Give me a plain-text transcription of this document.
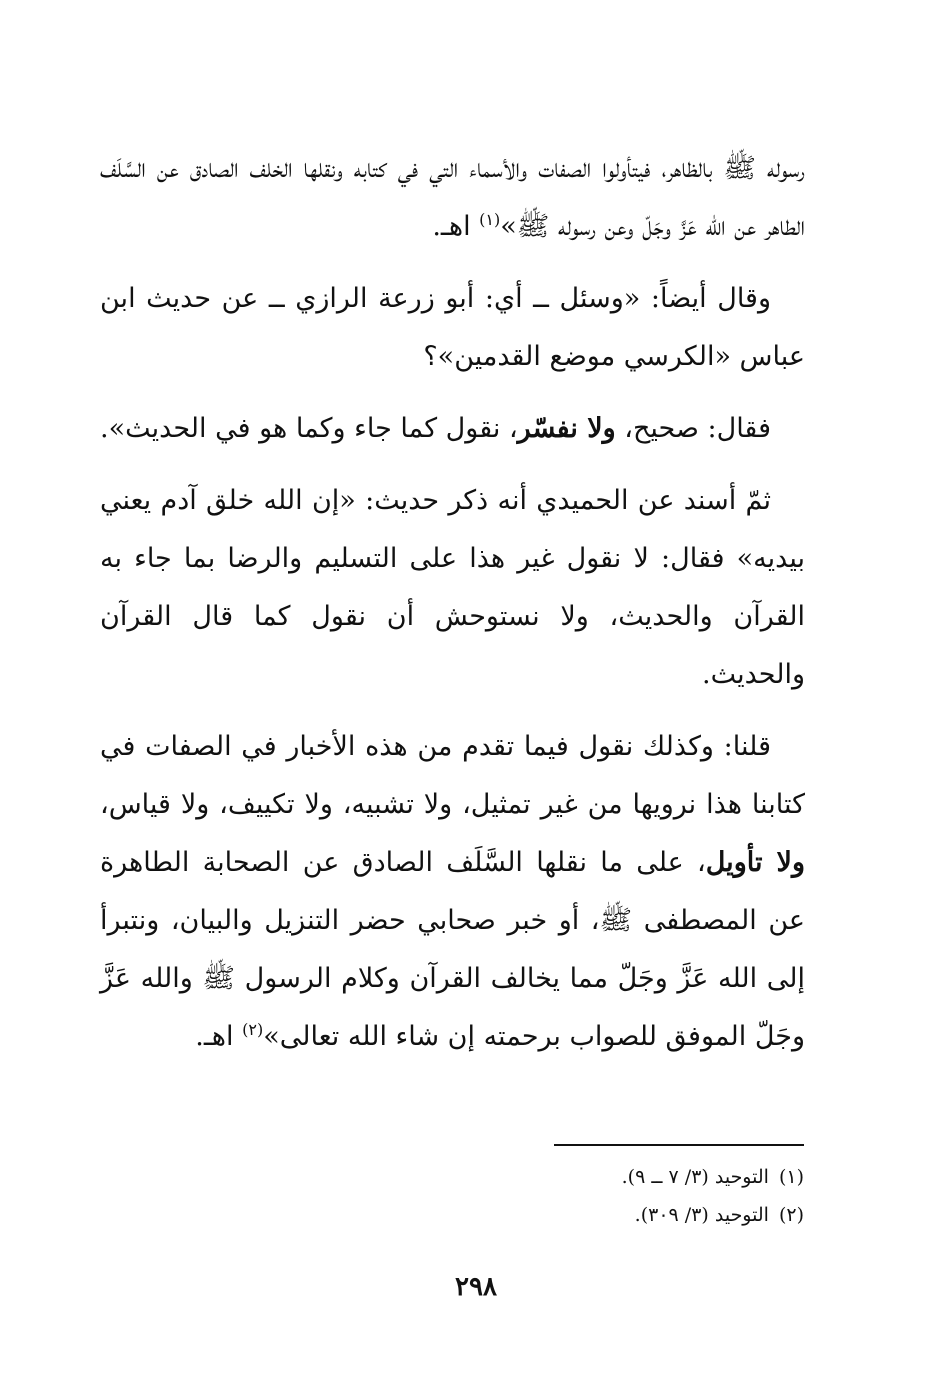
رسوله ﷺ بالظاهر، فيتأولوا الصفات والأسماء التي في كتابه ونقلها الخلف الصادق عن السَّلَف الطاهر عن الله عَزَّ وجَلّ وعن رسوله ﷺ»$^{(١)}$ اهـ.

وقال أيضاً: «وسئل ــ أي: أبو زرعة الرازي ــ عن حديث ابن عباس «الكرسي موضع القدمين»؟

فقال: صحيح، ولا نفسّر، نقول كما جاء وكما هو في الحديث».

ثمّ أسند عن الحميدي أنه ذكر حديث: «إن الله خلق آدم يعني بيديه» فقال: لا نقول غير هذا على التسليم والرضا بما جاء به القرآن والحديث، ولا نستوحش أن نقول كما قال القرآن والحديث.

قلنا: وكذلك نقول فيما تقدم من هذه الأخبار في الصفات في كتابنا هذا نرويها من غير تمثيل، ولا تشبيه، ولا تكييف، ولا قياس، ولا تأويل، على ما نقلها السَّلَف الصادق عن الصحابة الطاهرة عن المصطفى ﷺ، أو خبر صحابي حضر التنزيل والبيان، ونتبرأ إلى الله عَزَّ وجَلّ مما يخالف القرآن وكلام الرسول ﷺ والله عَزَّ وجَلّ الموفق للصواب برحمته إن شاء الله تعالى»$^{(٢)}$ اهـ.

(١)التوحيد (٣/ ٧ ــ ٩).

(٢)التوحيد (٣/ ٣٠٩).

٢٩٨
